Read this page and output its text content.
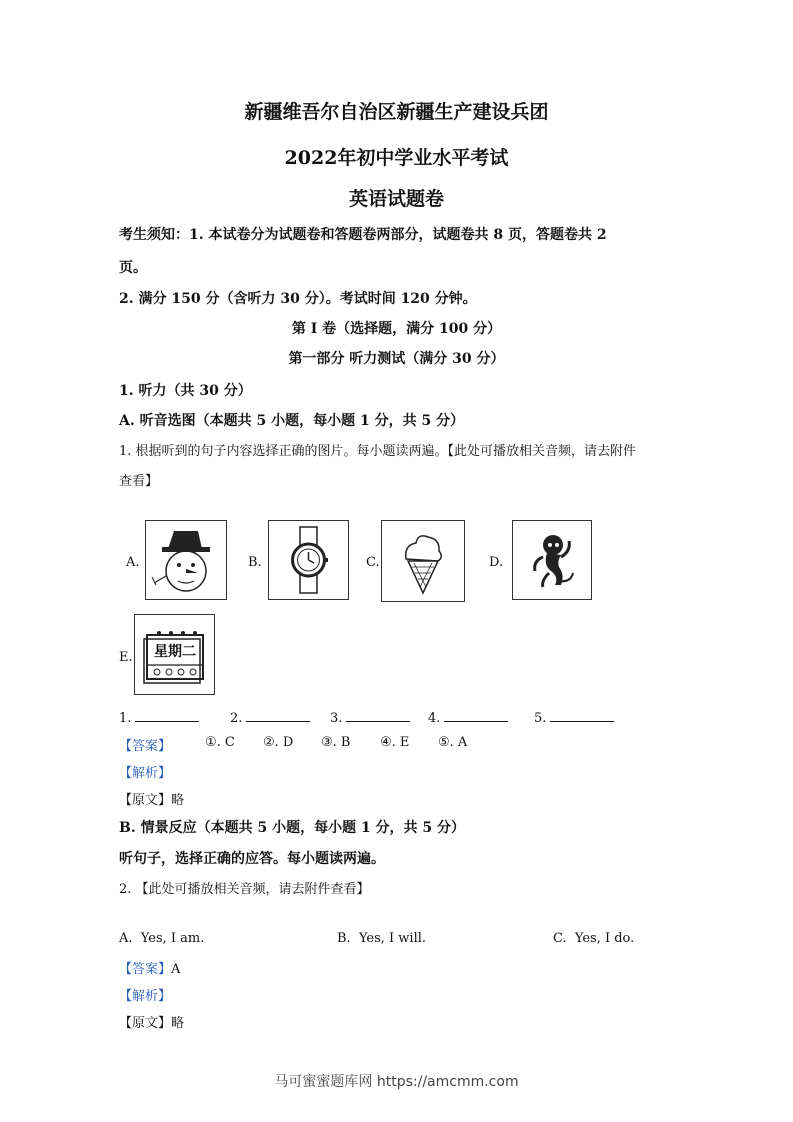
新疆维吾尔自治区新疆生产建设兵团
2022年初中学业水平考试
英语试题卷
考生须知：1. 本试卷分为试题卷和答题卷两部分，试题卷共 8 页，答题卷共 2
页。
2. 满分 150 分（含听力 30 分）。考试时间 120 分钟。
第 I 卷（选择题，满分 100 分）
第一部分 听力测试（满分 30 分）
1. 听力（共 30 分）
A. 听音选图（本题共 5 小题，每小题 1 分，共 5 分）
1. 根据听到的句子内容选择正确的图片。每小题读两遍。【此处可播放相关音频，请去附件
查看】
A.	B.	C.	D.
E.	星期二
1.	2.	3.	4.	5.
【答案】	①. C ②. D ③. B ④. E ⑤. A
【解析】
【原文】略
B. 情景反应（本题共 5 小题，每小题 1 分，共 5 分）
听句子，选择正确的应答。每小题读两遍。
2. 【此处可播放相关音频，请去附件查看】
A. Yes, I am.	B. Yes, I will.	C. Yes, I do.
【答案】A
【解析】
【原文】略
马可蜜蜜题库网 https://amcmm.com
